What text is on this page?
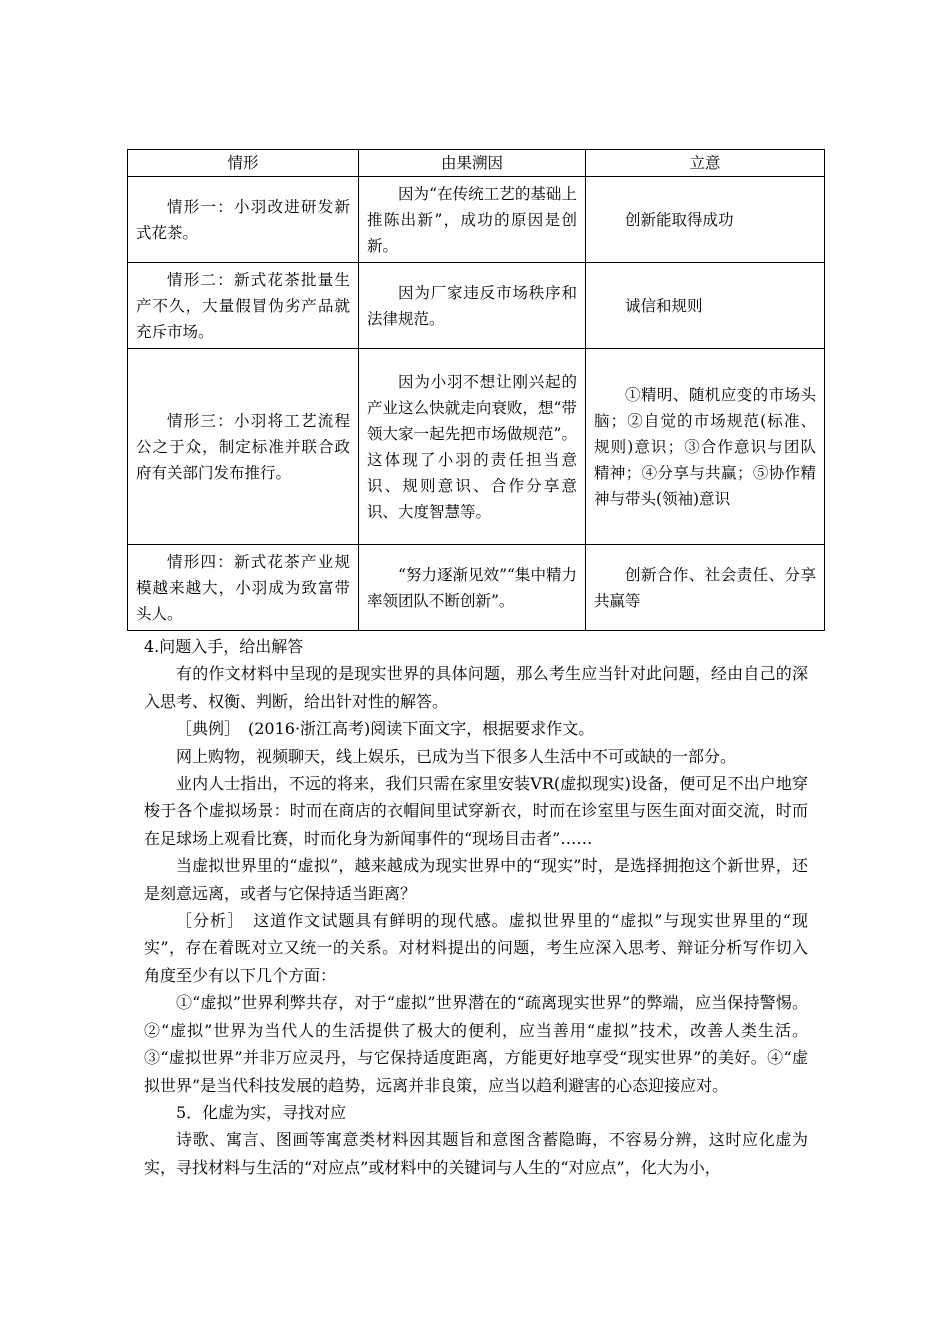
情形	由果溯因	立意

情形一：小羽改进研发新式花茶。	因为“在传统工艺的基础上推陈出新”，成功的原因是创新。	创新能取得成功

情形二：新式花茶批量生产不久，大量假冒伪劣产品就充斥市场。	因为厂家违反市场秩序和法律规范。	诚信和规则

情形三：小羽将工艺流程公之于众，制定标准并联合政府有关部门发布推行。	因为小羽不想让刚兴起的产业这么快就走向衰败，想“带领大家一起先把市场做规范”。这体现了小羽的责任担当意识、规则意识、合作分享意识、大度智慧等。	①精明、随机应变的市场头脑；②自觉的市场规范(标准、规则)意识；③合作意识与团队精神；④分享与共赢；⑤协作精神与带头(领袖)意识

情形四：新式花茶产业规模越来越大，小羽成为致富带头人。	“努力逐渐见效”“集中精力率领团队不断创新”。	创新合作、社会责任、分享共赢等

4.问题入手，给出解答

有的作文材料中呈现的是现实世界的具体问题，那么考生应当针对此问题，经由自己的深入思考、权衡、判断，给出针对性的解答。

［典例］　(2016·浙江高考)阅读下面文字，根据要求作文。

网上购物，视频聊天，线上娱乐，已成为当下很多人生活中不可或缺的一部分。

业内人士指出，不远的将来，我们只需在家里安装VR(虚拟现实)设备，便可足不出户地穿梭于各个虚拟场景：时而在商店的衣帽间里试穿新衣，时而在诊室里与医生面对面交流，时而在足球场上观看比赛，时而化身为新闻事件的“现场目击者”……

当虚拟世界里的“虚拟”，越来越成为现实世界中的“现实”时，是选择拥抱这个新世界，还是刻意远离，或者与它保持适当距离？

［分析］　这道作文试题具有鲜明的现代感。虚拟世界里的“虚拟”与现实世界里的“现实”，存在着既对立又统一的关系。对材料提出的问题，考生应深入思考、辩证分析写作切入角度至少有以下几个方面：

①“虚拟”世界利弊共存，对于“虚拟”世界潜在的“疏离现实世界”的弊端，应当保持警惕。②“虚拟”世界为当代人的生活提供了极大的便利，应当善用“虚拟”技术，改善人类生活。③“虚拟世界”并非万应灵丹，与它保持适度距离，方能更好地享受“现实世界”的美好。④“虚拟世界”是当代科技发展的趋势，远离并非良策，应当以趋利避害的心态迎接应对。

5．化虚为实，寻找对应

诗歌、寓言、图画等寓意类材料因其题旨和意图含蓄隐晦，不容易分辨，这时应化虚为实，寻找材料与生活的“对应点”或材料中的关键词与人生的“对应点”，化大为小，
